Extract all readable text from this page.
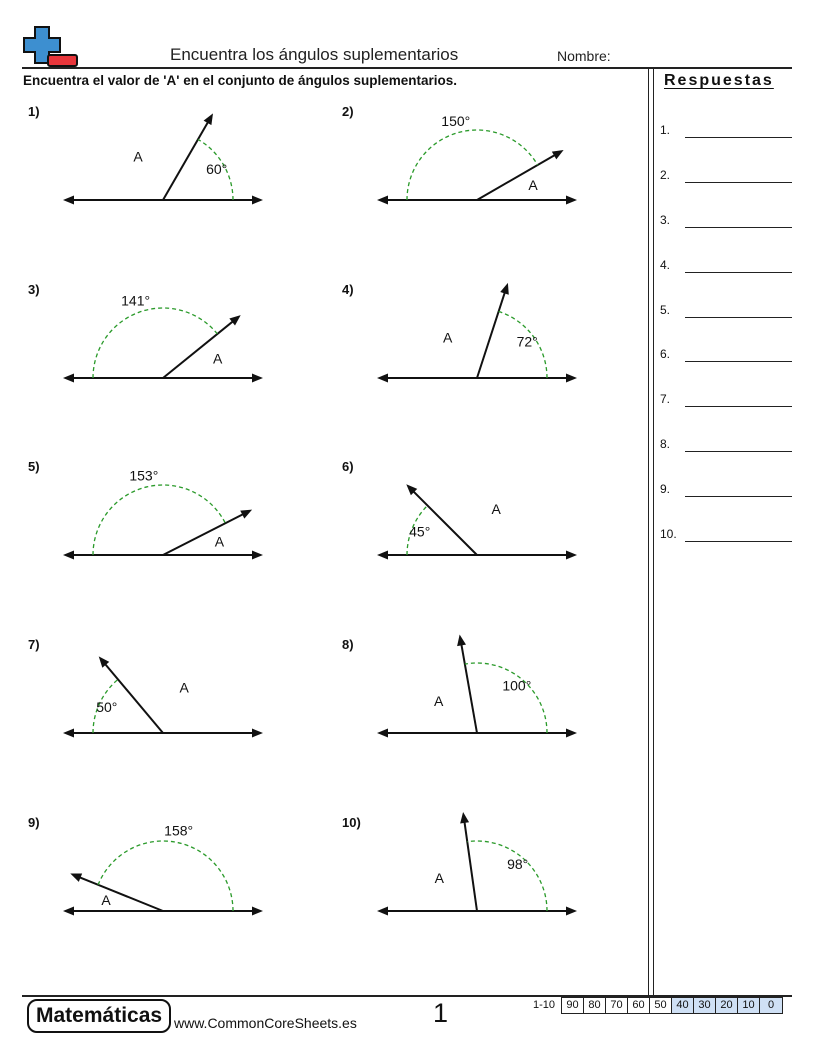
Encuentra los ángulos suplementarios	Nombre:
Encuentra el valor de 'A' en el conjunto de ángulos suplementarios.	Respuestas
1.
2.
3.
4.
5.
6.
7.
8.
9.
10.
1)
60°
A
2)
150°
A
3)
141°
A
4)
72°
A
5)
153°
A
6)
45°
A
7)
50°
A
8)
100°
A
9)
158°
A
10)
98°
A
Matemáticas www.CommonCoreSheets.es	1	1-10	90 80 70 60 50 40 30 20 10	0
